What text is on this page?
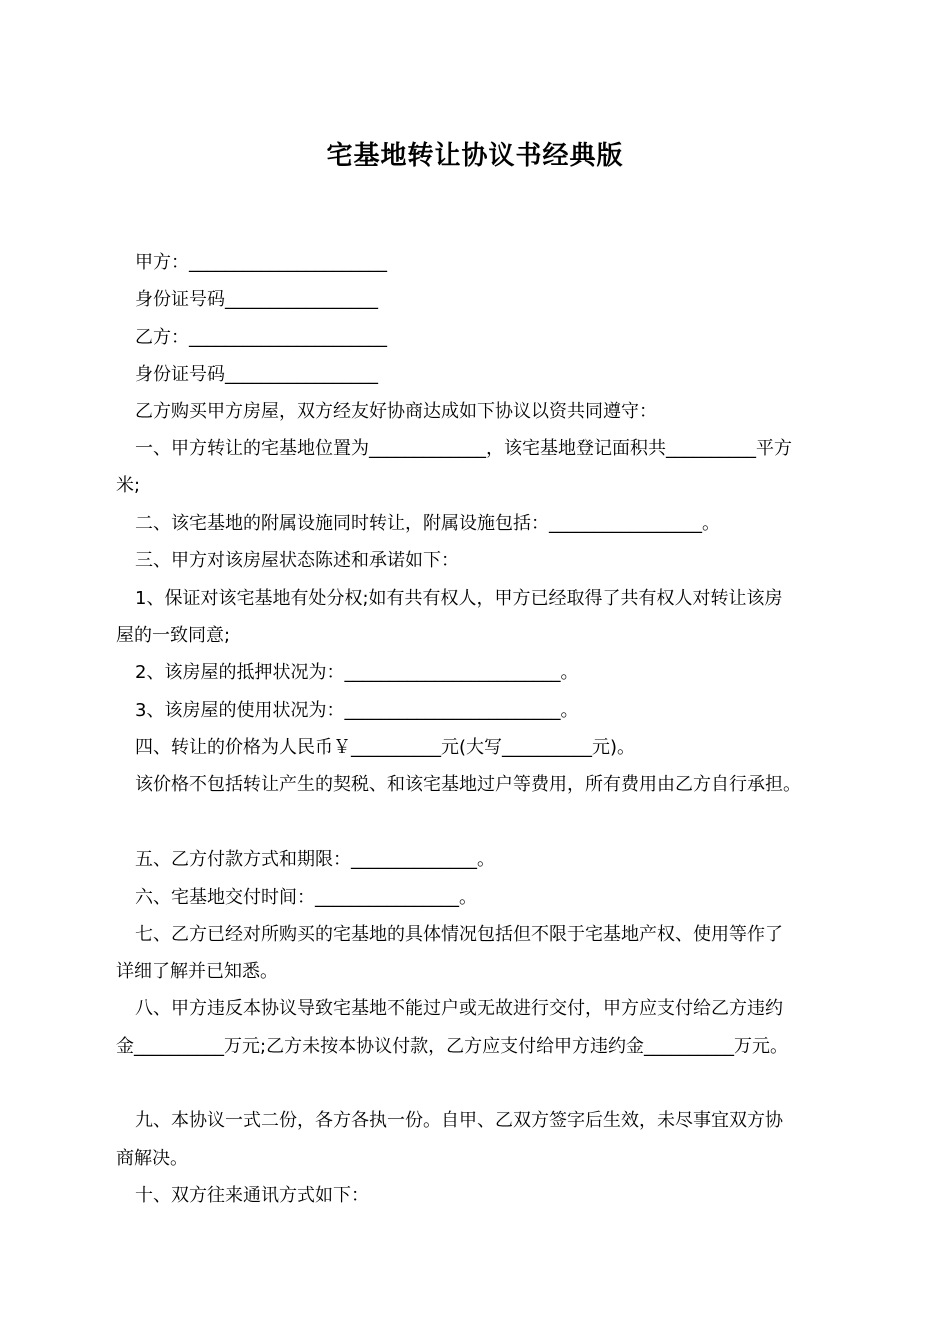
宅基地转让协议书经典版
甲方：______________________
身份证号码_________________
乙方：______________________
身份证号码_________________
乙方购买甲方房屋，双方经友好协商达成如下协议以资共同遵守：
一、甲方转让的宅基地位置为_____________，该宅基地登记面积共__________平方
米;
二、该宅基地的附属设施同时转让，附属设施包括：_________________。
三、甲方对该房屋状态陈述和承诺如下：
1、保证对该宅基地有处分权;如有共有权人，甲方已经取得了共有权人对转让该房
屋的一致同意;
2、该房屋的抵押状况为：________________________。
3、该房屋的使用状况为：________________________。
四、转让的价格为人民币￥__________元(大写__________元)。
该价格不包括转让产生的契税、和该宅基地过户等费用，所有费用由乙方自行承担。
五、乙方付款方式和期限：______________。
六、宅基地交付时间：________________。
七、乙方已经对所购买的宅基地的具体情况包括但不限于宅基地产权、使用等作了
详细了解并已知悉。
八、甲方违反本协议导致宅基地不能过户或无故进行交付，甲方应支付给乙方违约
金__________万元;乙方未按本协议付款，乙方应支付给甲方违约金__________万元。
九、本协议一式二份，各方各执一份。自甲、乙双方签字后生效，未尽事宜双方协
商解决。
十、双方往来通讯方式如下：
